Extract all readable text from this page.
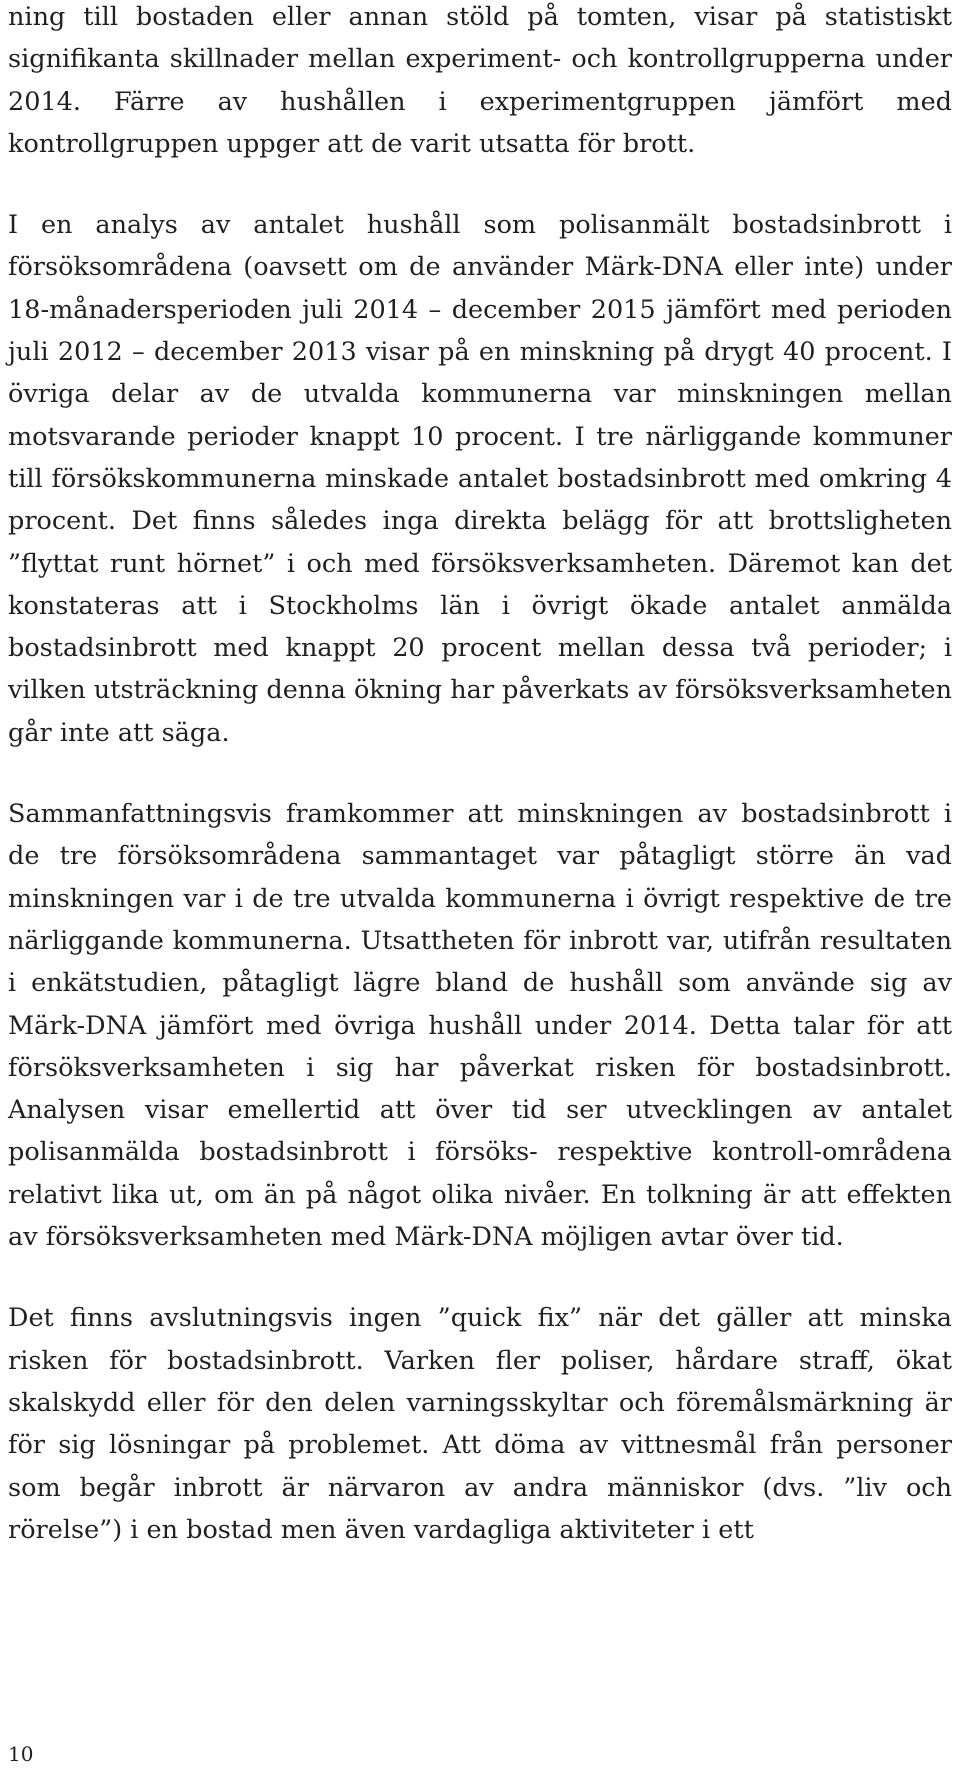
ning till bostaden eller annan stöld på tomten, visar på statistiskt signifikanta skillnader mellan experiment- och kontrollgrupperna under 2014. Färre av hushållen i experimentgruppen jämfört med kontrollgruppen uppger att de varit utsatta för brott.

I en analys av antalet hushåll som polisanmält bostadsinbrott i försöksområdena (oavsett om de använder Märk-DNA eller inte) under 18-månadersperioden juli 2014 – december 2015 jämfört med perioden juli 2012 – december 2013 visar på en minskning på drygt 40 procent. I övriga delar av de utvalda kommunerna var minskningen mellan motsvarande perioder knappt 10 procent. I tre närliggande kommuner till försökskommunerna minskade antalet bostadsinbrott med omkring 4 procent. Det finns således inga direkta belägg för att brottsligheten ”flyttat runt hörnet” i och med försöksverksamheten. Däremot kan det konstateras att i Stockholms län i övrigt ökade antalet anmälda bostadsinbrott med knappt 20 procent mellan dessa två perioder; i vilken utsträckning denna ökning har påverkats av försöksverksamheten går inte att säga.

Sammanfattningsvis framkommer att minskningen av bostadsinbrott i de tre försöksområdena sammantaget var påtagligt större än vad minskningen var i de tre utvalda kommunerna i övrigt respektive de tre närliggande kommunerna. Utsattheten för inbrott var, utifrån resultaten i enkätstudien, påtagligt lägre bland de hushåll som använde sig av Märk-DNA jämfört med övriga hushåll under 2014. Detta talar för att försöksverksamheten i sig har påverkat risken för bostadsinbrott. Analysen visar emellertid att över tid ser utvecklingen av antalet polisanmälda bostadsinbrott i försöks- respektive kontroll-områdena relativt lika ut, om än på något olika nivåer. En tolkning är att effekten av försöksverksamheten med Märk-DNA möjligen avtar över tid.

Det finns avslutningsvis ingen ”quick fix” när det gäller att minska risken för bostadsinbrott. Varken fler poliser, hårdare straff, ökat skalskydd eller för den delen varningsskyltar och föremålsmärkning är för sig lösningar på problemet. Att döma av vittnesmål från personer som begår inbrott är närvaron av andra människor (dvs. ”liv och rörelse”) i en bostad men även vardagliga aktiviteter i ett

10
